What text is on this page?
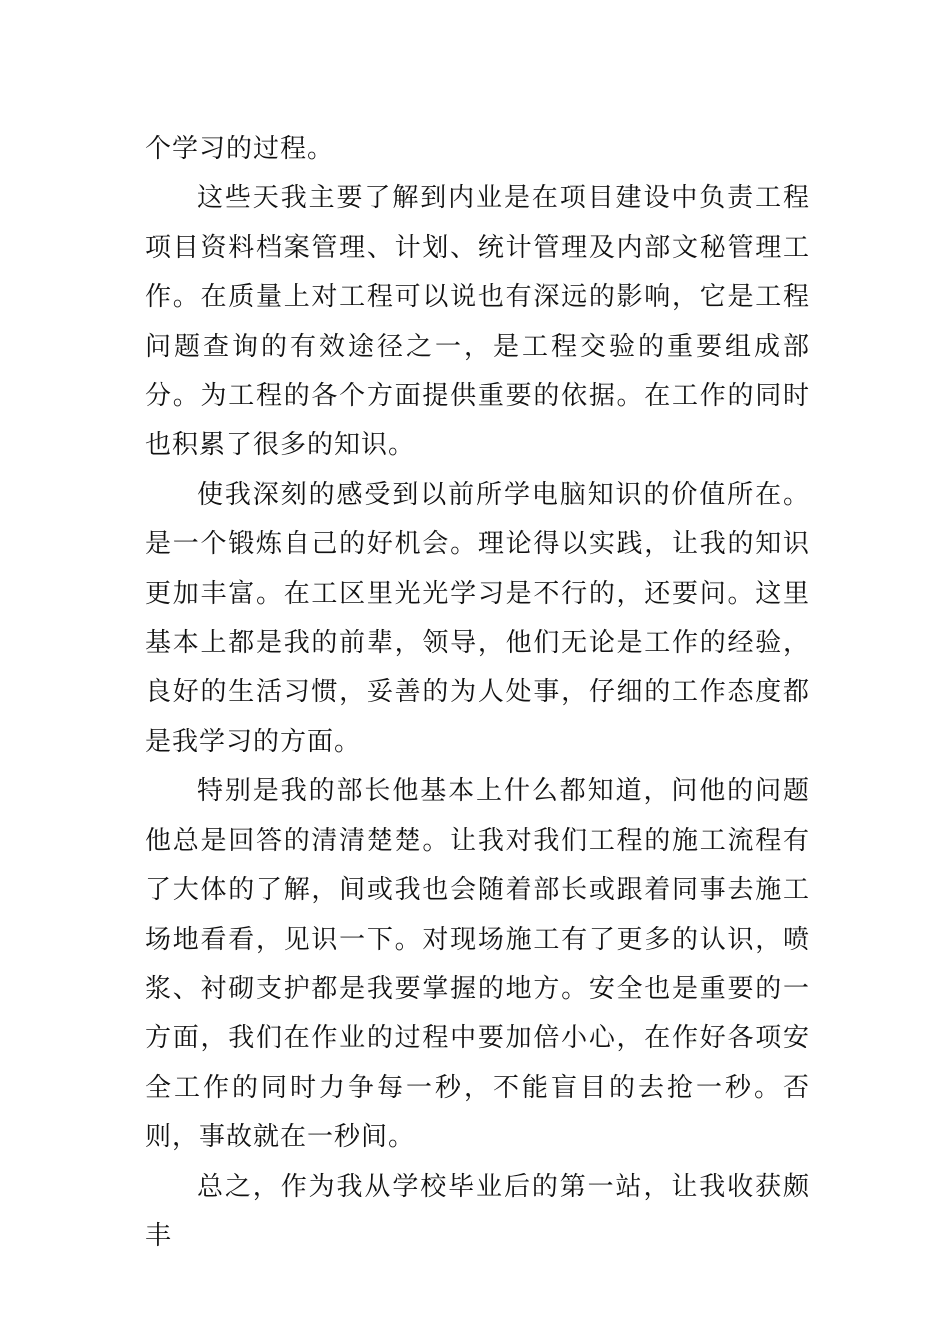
个学习的过程。

这些天我主要了解到内业是在项目建设中负责工程项目资料档案管理、计划、统计管理及内部文秘管理工作。在质量上对工程可以说也有深远的影响，它是工程问题查询的有效途径之一，是工程交验的重要组成部分。为工程的各个方面提供重要的依据。在工作的同时也积累了很多的知识。

使我深刻的感受到以前所学电脑知识的价值所在。是一个锻炼自己的好机会。理论得以实践，让我的知识更加丰富。在工区里光光学习是不行的，还要问。这里基本上都是我的前辈，领导，他们无论是工作的经验，良好的生活习惯，妥善的为人处事，仔细的工作态度都是我学习的方面。

特别是我的部长他基本上什么都知道，问他的问题他总是回答的清清楚楚。让我对我们工程的施工流程有了大体的了解，间或我也会随着部长或跟着同事去施工场地看看，见识一下。对现场施工有了更多的认识，喷浆、衬砌支护都是我要掌握的地方。安全也是重要的一方面，我们在作业的过程中要加倍小心，在作好各项安全工作的同时力争每一秒，不能盲目的去抢一秒。否则，事故就在一秒间。

总之，作为我从学校毕业后的第一站，让我收获颇丰
